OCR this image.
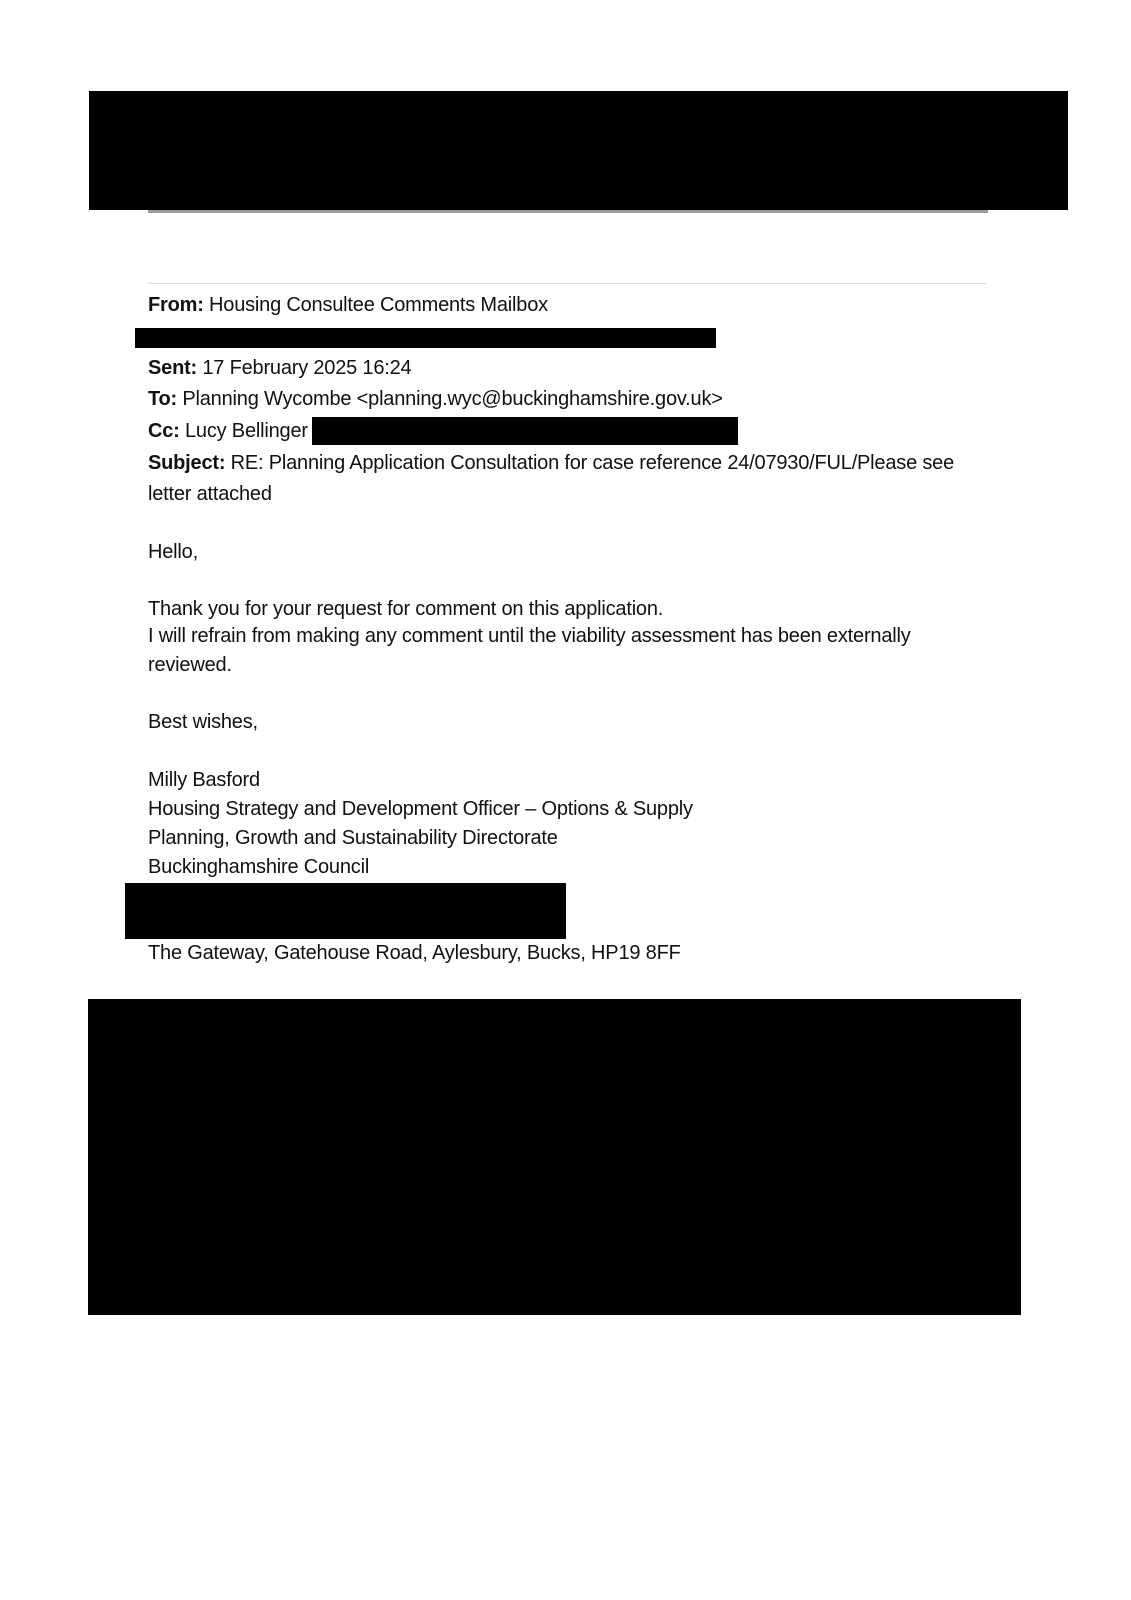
From: Housing Consultee Comments Mailbox
Sent: 17 February 2025 16:24
To: Planning Wycombe <planning.wyc@buckinghamshire.gov.uk>
Cc: Lucy Bellinger
Subject: RE: Planning Application Consultation for case reference 24/07930/FUL/Please see letter attached
Hello,
Thank you for your request for comment on this application.
I will refrain from making any comment until the viability assessment has been externally reviewed.
Best wishes,
Milly Basford
Housing Strategy and Development Officer – Options & Supply
Planning, Growth and Sustainability Directorate
Buckinghamshire Council
The Gateway, Gatehouse Road, Aylesbury, Bucks, HP19 8FF
